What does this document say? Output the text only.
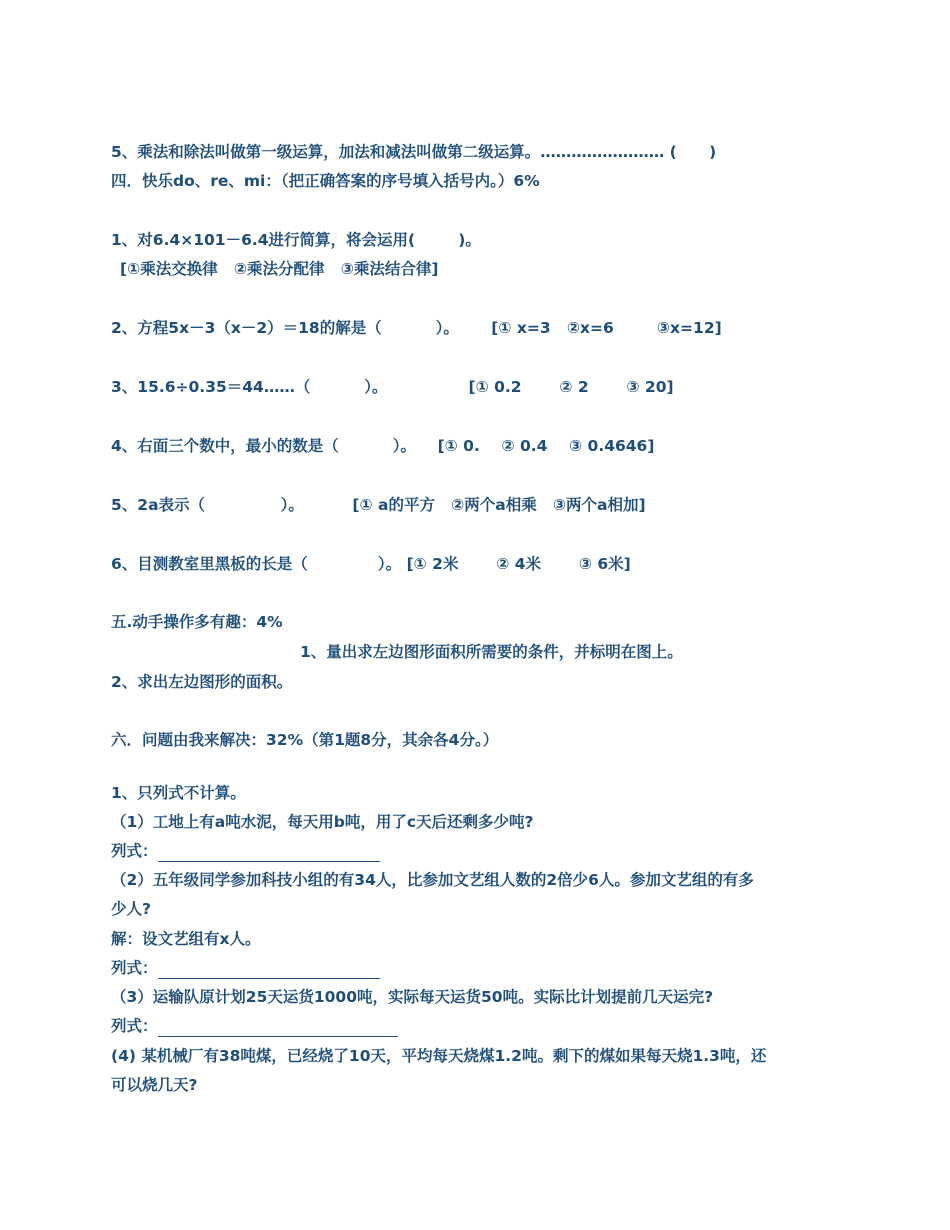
5、乘法和除法叫做第一级运算，加法和减法叫做第二级运算。…………………… (      )
四．快乐do、re、mi：（把正确答案的序号填入括号内。）6%
1、对6.4×101－6.4进行简算，将会运用(        )。
[①乘法交换律   ②乘法分配律   ③乘法结合律]
2、方程5x－3（x－2）＝18的解是（          ）。      [① x=3   ②x=6        ③x=12]
3、15.6÷0.35＝44……（          ）。               [① 0.2       ② 2       ③ 20]
4、右面三个数中，最小的数是（          ）。    [① 0.    ② 0.4    ③ 0.4646]
5、2a表示（              ）。         [① a的平方   ②两个a相乘   ③两个a相加]
6、目测教室里黑板的长是（             ）。 [① 2米       ② 4米       ③ 6米]
五.动手操作多有趣：4%
1、量出求左边图形面积所需要的条件，并标明在图上。
2、求出左边图形的面积。
六．问题由我来解决：32%（第1题8分，其余各4分。）
1、只列式不计算。
（1）工地上有a吨水泥，每天用b吨，用了c天后还剩多少吨?
列式：
（2）五年级同学参加科技小组的有34人，比参加文艺组人数的2倍少6人。参加文艺组的有多
少人?
解：设文艺组有x人。
列式：
（3）运输队原计划25天运货1000吨，实际每天运货50吨。实际比计划提前几天运完?
列式：
(4) 某机械厂有38吨煤，已经烧了10天，平均每天烧煤1.2吨。剩下的煤如果每天烧1.3吨，还
可以烧几天?
